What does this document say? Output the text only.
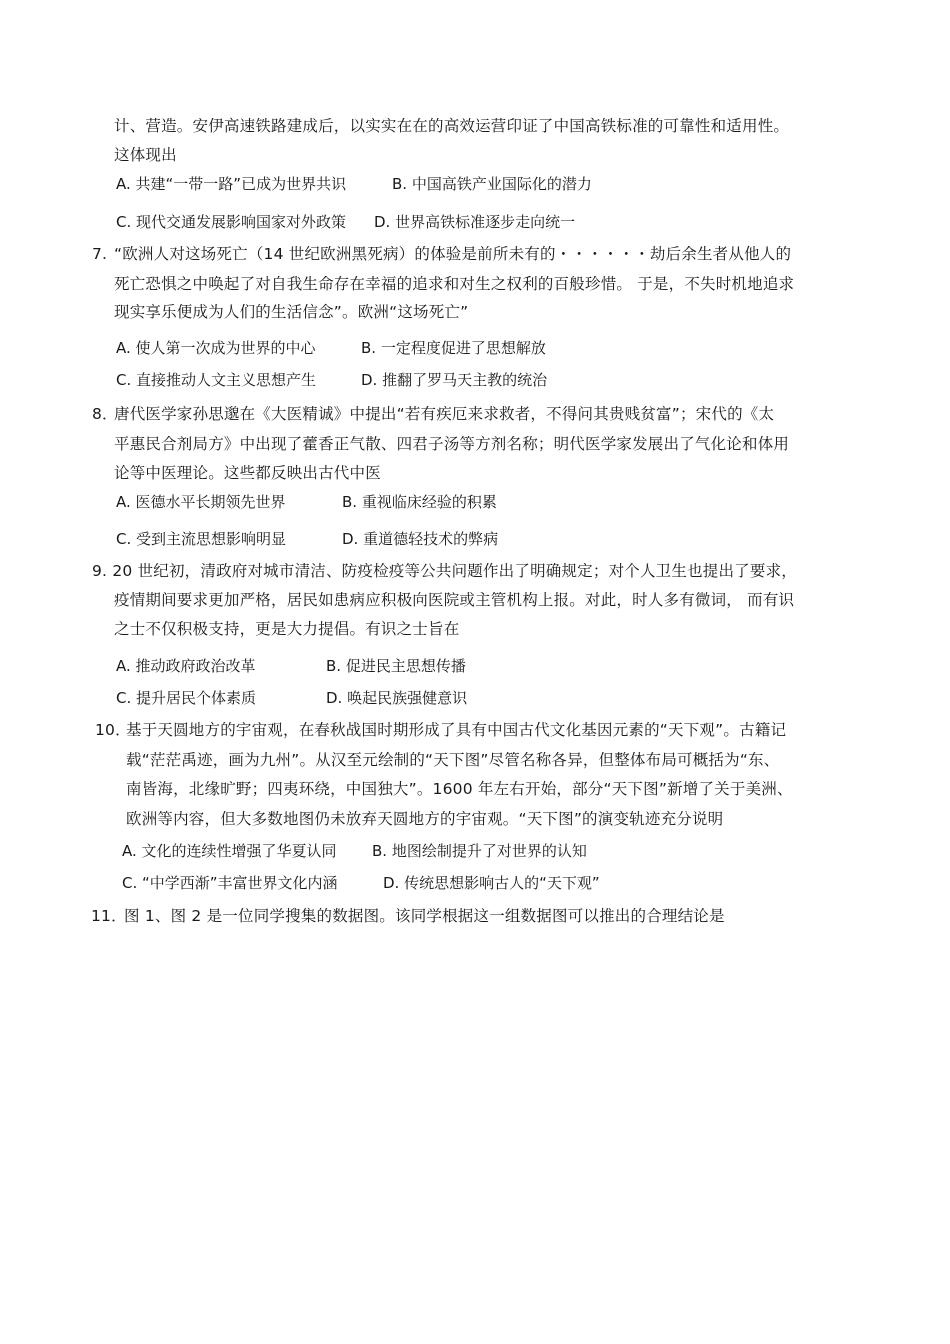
计、营造。安伊高速铁路建成后，以实实在在的高效运营印证了中国高铁标准的可靠性和适用性。
这体现出
A. 共建“一带一路”已成为世界共识	B. 中国高铁产业国际化的潜力
C. 现代交通发展影响国家对外政策 D. 世界高铁标准逐步走向统一
7. “欧洲人对这场死亡（14 世纪欧洲黑死病）的体验是前所未有的・・・・・・劫后余生者从他人的
死亡恐惧之中唤起了对自我生命存在幸福的追求和对生之权利的百般珍惜。 于是，不失时机地追求
现实享乐便成为人们的生活信念”。欧洲“这场死亡”
A. 使人第一次成为世界的中心	B. 一定程度促进了思想解放
C. 直接推动人文主义思想产生	D. 推翻了罗马天主教的统治
8．
唐代医学家孙思邈在《大医精诚》中提出“若有疾厄来求救者，不得问其贵贱贫富”；宋代的《太
平惠民合剂局方》中出现了藿香正气散、四君子汤等方剂名称；明代医学家发展出了气化论和体用
论等中医理论。这些都反映出古代中医
A. 医德水平长期领先世界	B. 重视临床经验的积累
C. 受到主流思想影响明显	D. 重道德轻技术的弊病
9. 20 世纪初，清政府对城市清洁、防疫检疫等公共问题作出了明确规定；对个人卫生也提出了要求，
疫情期间要求更加严格，居民如患病应积极向医院或主管机构上报。对此，时人多有微词， 而有识
之士不仅积极支持，更是大力提倡。有识之士旨在
A. 推动政府政治改革	B. 促进民主思想传播
C. 提升居民个体素质	D. 唤起民族强健意识
10．
基于天圆地方的宇宙观，在春秋战国时期形成了具有中国古代文化基因元素的“天下观”。古籍记
载“茫茫禹迹，画为九州”。从汉至元绘制的“天下图”尽管名称各异，但整体布局可概括为“东、
南皆海，北缘旷野；四夷环绕，中国独大”。1600 年左右开始，部分“天下图”新增了关于美洲、
欧洲等内容，但大多数地图仍未放弃天圆地方的宇宙观。“天下图”的演变轨迹充分说明
A. 文化的连续性增强了华夏认同 B. 地图绘制提升了对世界的认知
C. “中学西渐”丰富世界文化内涵	D. 传统思想影响古人的“天下观”
11．
图 1、图 2 是一位同学搜集的数据图。该同学根据这一组数据图可以推出的合理结论是
